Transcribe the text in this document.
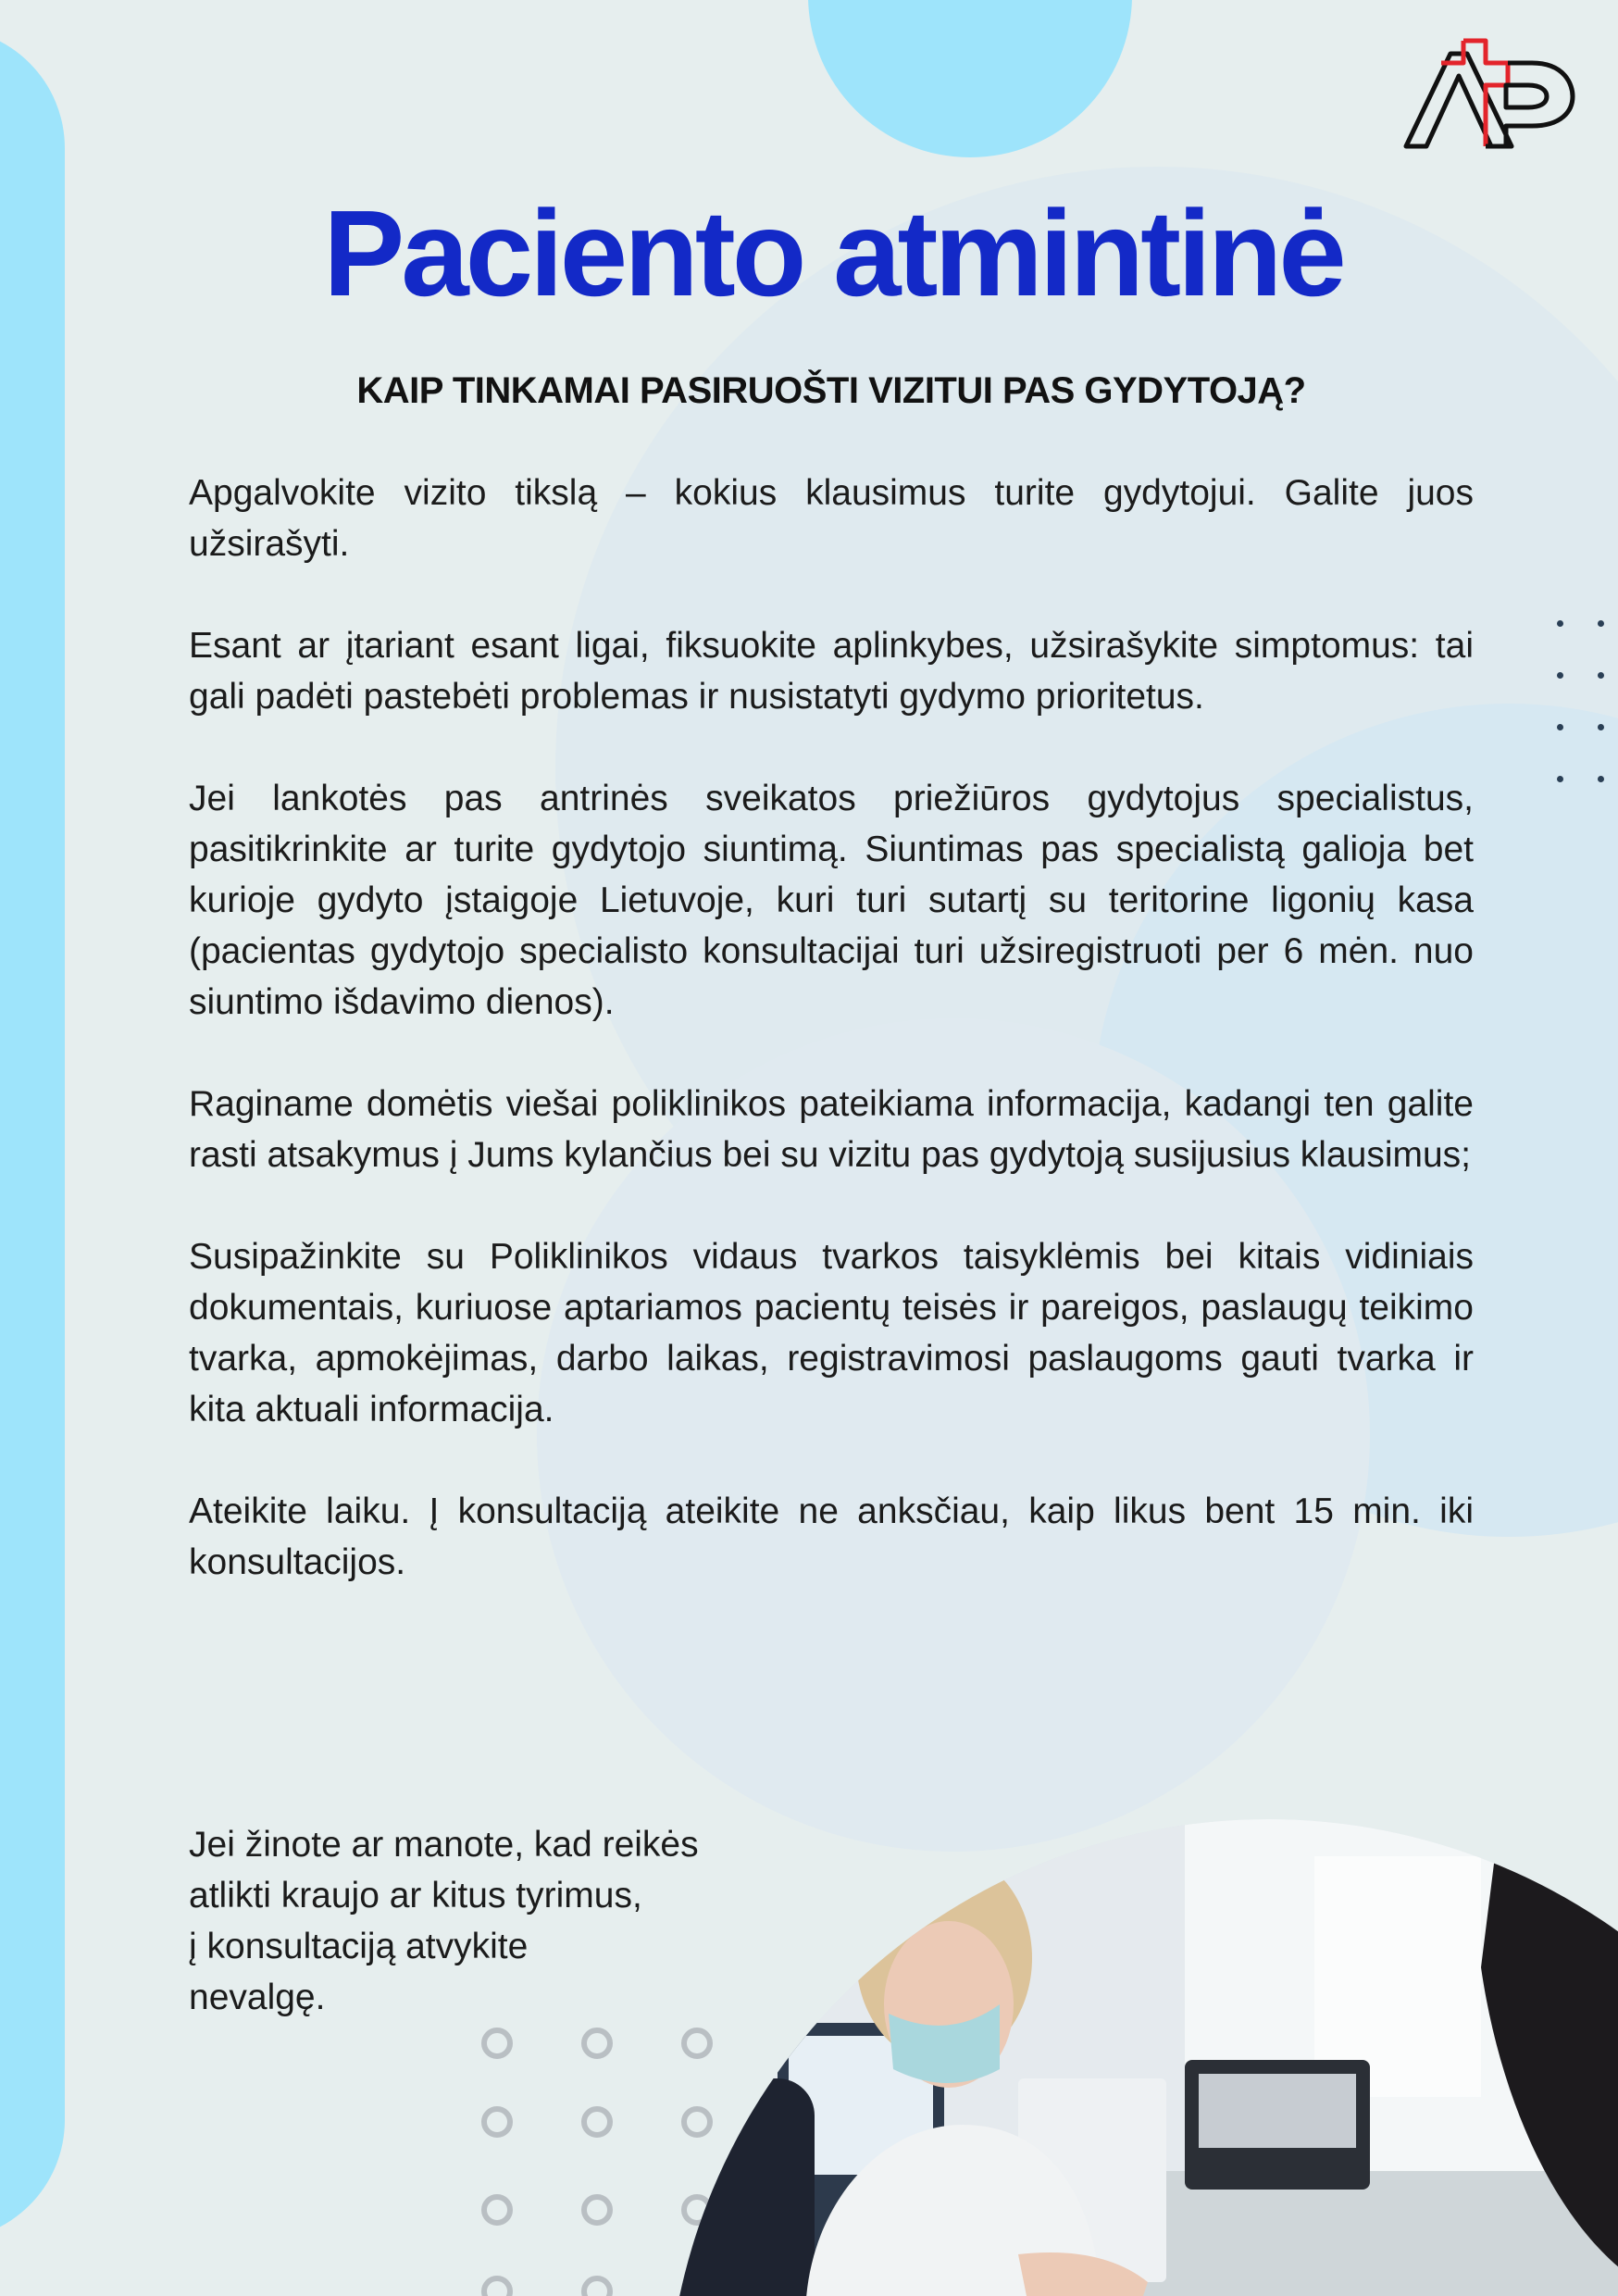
Paciento atmintinė
KAIP TINKAMAI PASIRUOŠTI VIZITUI PAS GYDYTOJĄ?

Apgalvokite vizito tikslą – kokius klausimus turite gydytojui. Galite juos užsirašyti.

Esant ar įtariant esant ligai, fiksuokite aplinkybes, užsirašykite simptomus: tai gali padėti pastebėti problemas ir nusistatyti gydymo prioritetus.

Jei lankotės pas antrinės sveikatos priežiūros gydytojus specialistus, pasitikrinkite ar turite gydytojo siuntimą. Siuntimas pas specialistą galioja bet kurioje gydyto įstaigoje Lietuvoje, kuri turi sutartį su teritorine ligonių kasa (pacientas gydytojo specialisto konsultacijai turi užsiregistruoti per 6 mėn. nuo siuntimo išdavimo dienos).

Raginame domėtis viešai poliklinikos pateikiama informacija, kadangi ten galite rasti atsakymus į Jums kylančius bei su vizitu pas gydytoją susijusius klausimus;

Susipažinkite su Poliklinikos vidaus tvarkos taisyklėmis bei kitais vidiniais dokumentais, kuriuose aptariamos pacientų teisės ir pareigos, paslaugų teikimo tvarka, apmokėjimas, darbo laikas, registravimosi paslaugoms gauti tvarka ir kita aktuali informacija.

Ateikite laiku. Į konsultaciją ateikite ne anksčiau, kaip likus bent 15 min. iki konsultacijos.

Jei žinote ar manote, kad reikės
atlikti kraujo ar kitus tyrimus,
į konsultaciją atvykite
nevalgę.
